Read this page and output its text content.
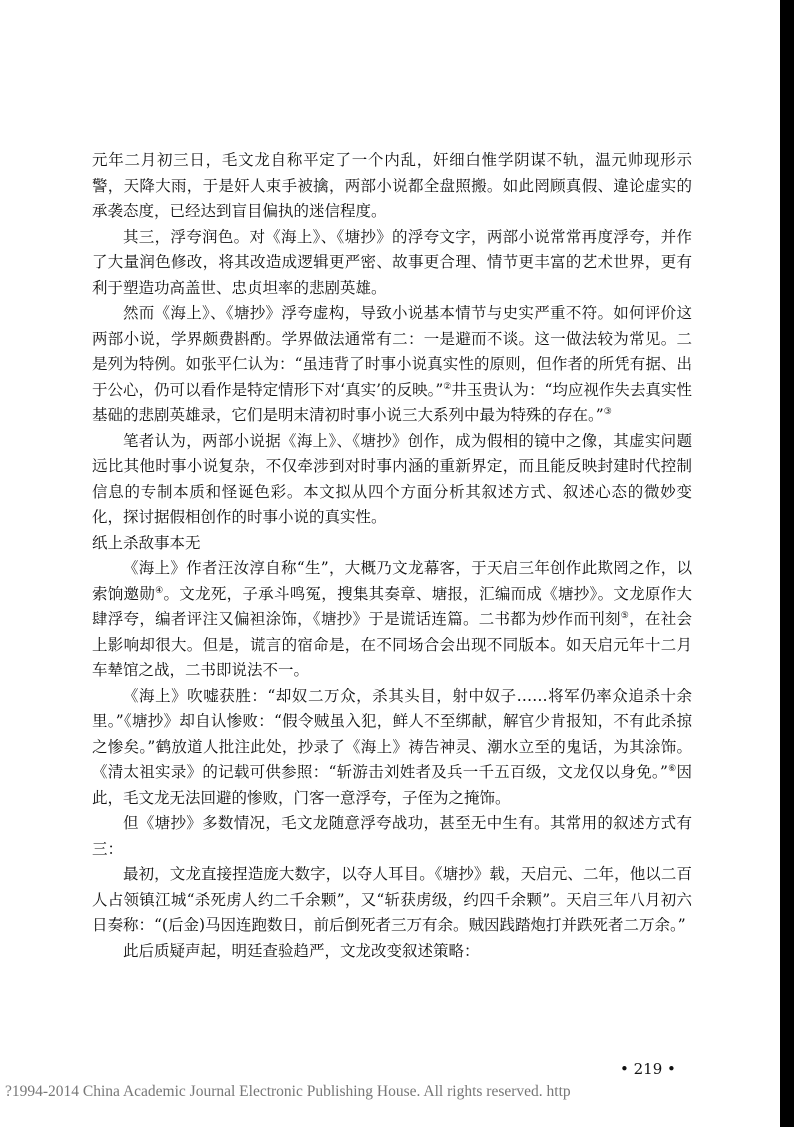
元年二月初三日，毛文龙自称平定了一个内乱，奸细白惟学阴谋不轨，温元帅现形示警，天降大雨，于是奸人束手被擒，两部小说都全盘照搬。如此罔顾真假、違论虚实的承袭态度，已经达到盲目偏执的迷信程度。

其三，浮夸润色。对《海上》、《塘抄》的浮夸文字，两部小说常常再度浮夸，并作了大量润色修改，将其改造成逻辑更严密、故事更合理、情节更丰富的艺术世界，更有利于塑造功高盖世、忠贞坦率的悲剧英雄。

然而《海上》、《塘抄》浮夸虚构，导致小说基本情节与史实严重不符。如何评价这两部小说，学界颇费斟酌。学界做法通常有二：一是避而不谈。这一做法较为常见。二是列为特例。如张平仁认为：“虽违背了时事小说真实性的原则，但作者的所凭有据、出于公心，仍可以看作是特定情形下对‘真实’的反映。”②井玉贵认为：“均应视作失去真实性基础的悲剧英雄录，它们是明末清初时事小说三大系列中最为特殊的存在。”③

笔者认为，两部小说据《海上》、《塘抄》创作，成为假相的镜中之像，其虚实问题远比其他时事小说复杂，不仅牵涉到对时事内涵的重新界定，而且能反映封建时代控制信息的专制本质和怪诞色彩。本文拟从四个方面分析其叙述方式、叙述心态的微妙变化，探讨据假相创作的时事小说的真实性。

纸上杀敌事本无

《海上》作者汪汝淳自称“生”，大概乃文龙幕客，于天启三年创作此欺罔之作，以索饷邀勋④。文龙死，子承斗鸣冤，搜集其奏章、塘报，汇编而成《塘抄》。文龙原作大肆浮夸，编者评注又偏袒涂饰，《塘抄》于是谎话连篇。二书都为炒作而刊刻⑤，在社会上影响却很大。但是，谎言的宿命是，在不同场合会出现不同版本。如天启元年十二月车辇馆之战，二书即说法不一。

《海上》吹嘘获胜：“却奴二万众，杀其头目，射中奴子……将军仍率众追杀十余里。”《塘抄》却自认惨败：“假令贼虽入犯，鲜人不至绑献，解官少肯报知，不有此杀掠之惨矣。”鹤放道人批注此处，抄录了《海上》祷告神灵、潮水立至的鬼话，为其涂饰。《清太祖实录》的记载可供参照：“斩游击刘姓者及兵一千五百级，文龙仅以身免。”⑥因此，毛文龙无法回避的惨败，门客一意浮夸，子侄为之掩饰。

但《塘抄》多数情况，毛文龙随意浮夸战功，甚至无中生有。其常用的叙述方式有三：

最初，文龙直接捏造庞大数字，以夺人耳目。《塘抄》载，天启元、二年，他以二百人占领镇江城“杀死虏人约二千余颗”，又“斩获虏级，约四千余颗”。天启三年八月初六日奏称：“(后金)马因连跑数日，前后倒死者三万有余。贼因践踏炮打并跌死者二万余。”

此后质疑声起，明廷查验趋严，文龙改变叙述策略：

• 219 •
?1994-2014 China Academic Journal Electronic Publishing House. All rights reserved. http
